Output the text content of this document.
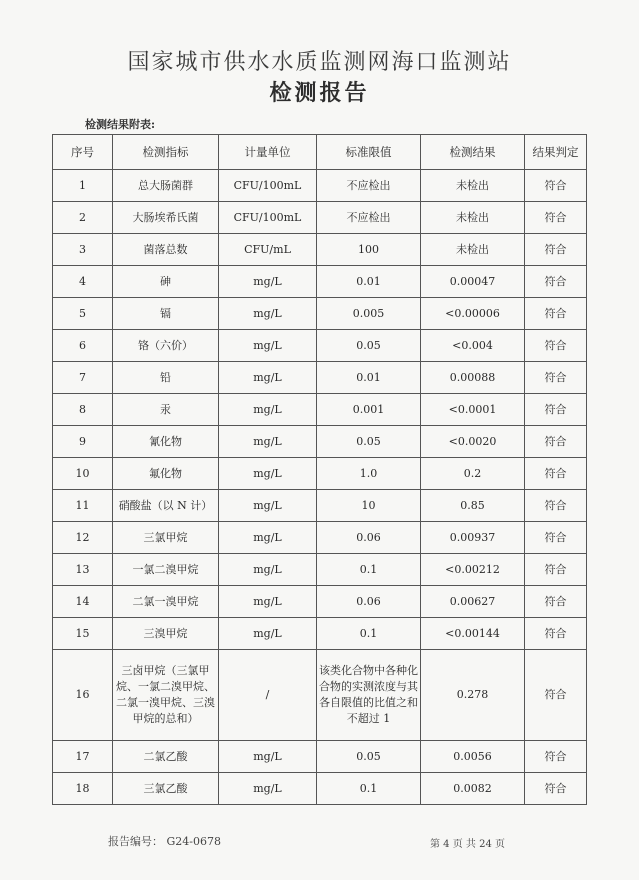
国家城市供水水质监测网海口监测站
检测报告
检测结果附表:
序号	检测指标	计量单位	标准限值	检测结果	结果判定
1	总大肠菌群	CFU/100mL	不应检出	未检出	符合
2	大肠埃希氏菌	CFU/100mL	不应检出	未检出	符合
3	菌落总数	CFU/mL	100	未检出	符合
4	砷	mg/L	0.01	0.00047	符合
5	镉	mg/L	0.005	<0.00006	符合
6	铬（六价）	mg/L	0.05	<0.004	符合
7	铅	mg/L	0.01	0.00088	符合
8	汞	mg/L	0.001	<0.0001	符合
9	氰化物	mg/L	0.05	<0.0020	符合
10	氟化物	mg/L	1.0	0.2	符合
11	硝酸盐（以 N 计）	mg/L	10	0.85	符合
12	三氯甲烷	mg/L	0.06	0.00937	符合
13	一氯二溴甲烷	mg/L	0.1	<0.00212	符合
14	二氯一溴甲烷	mg/L	0.06	0.00627	符合
15	三溴甲烷	mg/L	0.1	<0.00144	符合
16	三卤甲烷（三氯甲烷、一氯二溴甲烷、二氯一溴甲烷、三溴甲烷的总和）	/	该类化合物中各种化合物的实测浓度与其各自限值的比值之和不超过 1	0.278	符合
17	二氯乙酸	mg/L	0.05	0.0056	符合
18	三氯乙酸	mg/L	0.1	0.0082	符合
报告编号： G24-0678	第 4 页 共 24 页
